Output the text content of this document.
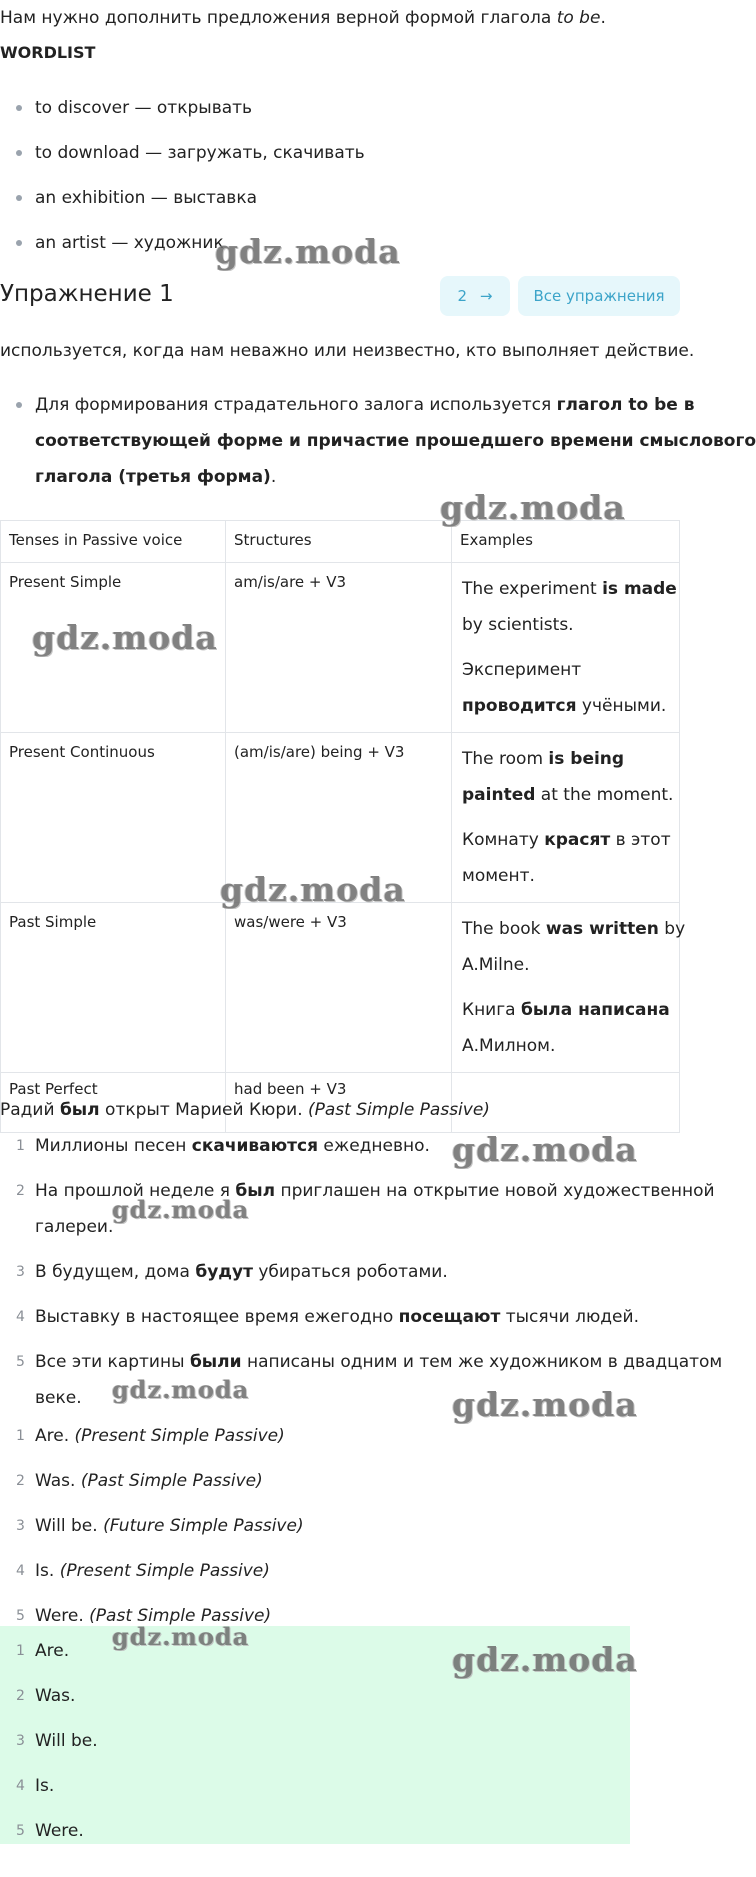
Нам нужно дополнить предложения верной формой глагола to be.
WORDLIST
to discover — открывать
to download — загружать, скачивать
an exhibition — выставка
an artist — художник
Упражнение 1	2 →	Все упражнения
используется, когда нам неважно или неизвестно, кто выполняет действие.
Для формирования страдательного залога используется глагол to be в
соответствующей форме и причастие прошедшего времени смыслового
глагола (третья форма).
Tenses in Passive voice	Structures	Examples
Present Simple	am/is/are + V3	The experiment is made
by scientists.
Эксперимент
проводится учёными.
Present Continuous	(am/is/are) being + V3	The room is being
painted at the moment.
Комнату красят в этот
момент.
Past Simple	was/were + V3	The book was written by
A.Milne.
Книга была написана
А.Милном.
Past Perfect	had been + V3
Радий был открыт Марией Кюри. (Past Simple Passive)
1 Миллионы песен скачиваются ежедневно.
2 На прошлой неделе я был приглашен на открытие новой художественной
галереи.
3 В будущем, дома будут убираться роботами.
4 Выставку в настоящее время ежегодно посещают тысячи людей.
5 Все эти картины были написаны одним и тем же художником в двадцатом
веке.
1 Are. (Present Simple Passive)
2 Was. (Past Simple Passive)
3 Will be. (Future Simple Passive)
4 Is. (Present Simple Passive)
5 Were. (Past Simple Passive)
1 Are.
2 Was.
3 Will be.
4 Is.
5 Were.
gdz.moda
gdz.moda
gdz.moda
gdz.moda
gdz.moda
gdz.moda
gdz.moda	gdz.moda
gdz.moda
gdz.moda
